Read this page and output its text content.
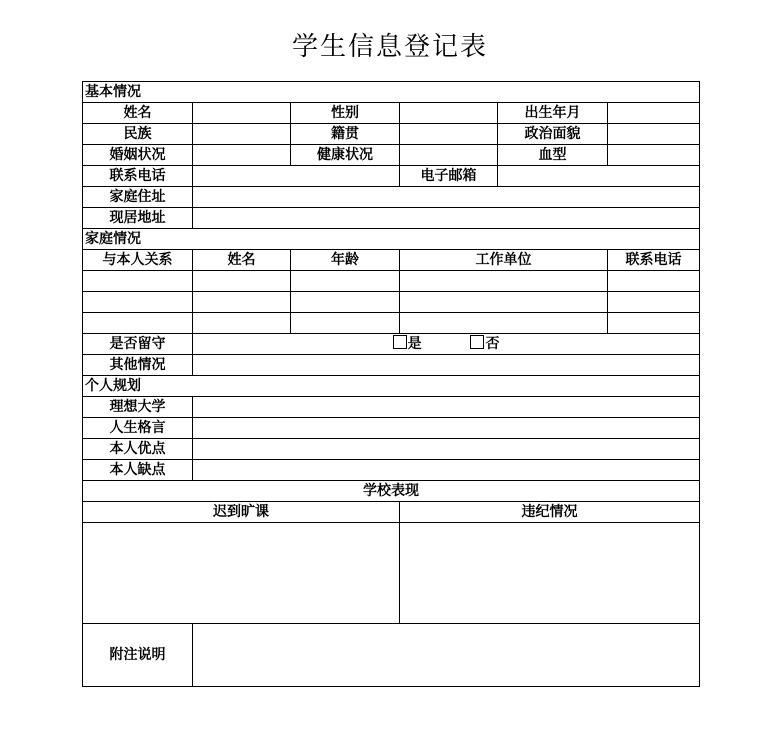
学生信息登记表
基本情况					
姓名		性别		出生年月	
民族		籍贯		政治面貌	
婚姻状况		健康状况		血型	
联系电话			电子邮箱		
家庭住址					
现居地址					
家庭情况					
与本人关系	姓名	年龄	工作单位		联系电话

是否留守	是 否				
其他情况					
个人规划					
理想大学					
人生格言					
本人优点					
本人缺点					
学校表现					
迟到旷课			违纪情况		

附注说明					
